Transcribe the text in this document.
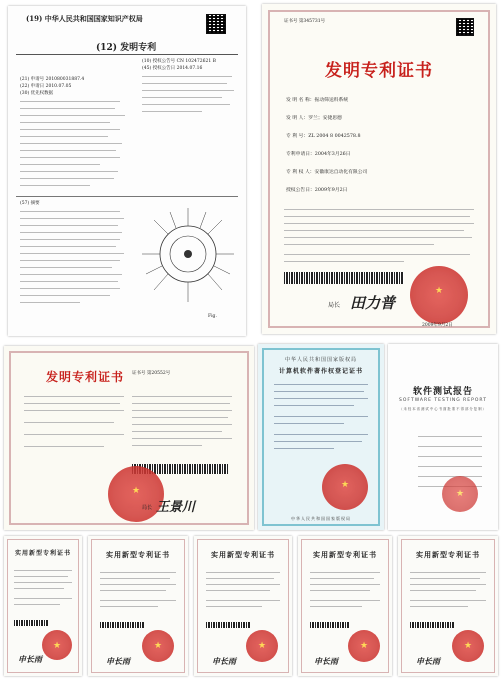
(19) 中华人民共和国国家知识产权局
(12) 发明专利
(10) 授权公告号 CN 102472621 B
(45) 授权公告日 2014.07.16
(21) 申请号 201080031887.4
(22) 申请日 2010.07.05
(30) 优先权数据
(57) 摘要
Fig.
证书号 第345731号
发明专利证书
发 明 名 称：振动筛送料系统
发 明 人：罗兰；安捷思德
专 利 号：ZL 2004 8 0042578.8
专利申请日：2004年3月26日
专 利 权 人：安徽康达自动化有限公司
授权公告日：2009年9月2日
★
局长 田力普
2009年9月2日
证书号 第20552号
发明专利证书
★
局长 王景川
中华人民共和国国家版权局
计算机软件著作权登记证书
★
中华人民共和国国家版权局
软件测试报告
SOFTWARE TESTING REPORT
（未经本省测试中心书面批准不得部分复制）
★
实用新型专利证书
★
申长雨
实用新型专利证书
★
申长雨
实用新型专利证书
★
申长雨
实用新型专利证书
★
申长雨
实用新型专利证书
★
申长雨
